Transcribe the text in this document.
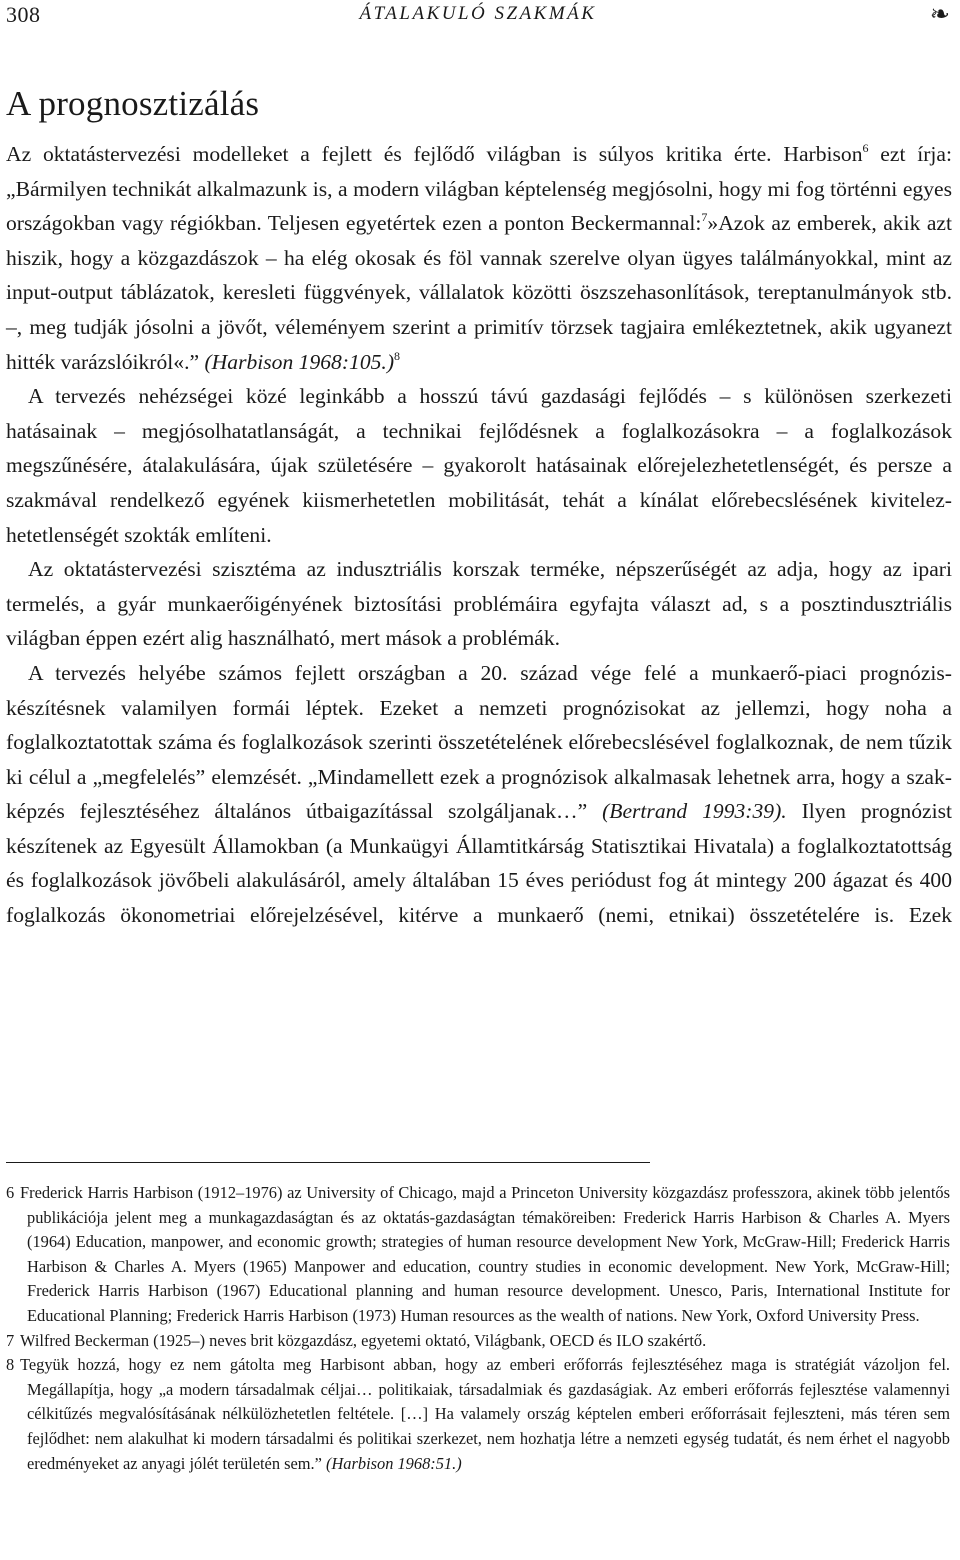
308	ÁTALAKULÓ SZAKMÁK	❧
A prognosztizálás

Az oktatástervezési modelleket a fejlett és fejlődő világban is súlyos kritika érte. Harbison$^6$ ezt írja: „Bármilyen technikát alkalmazunk is, a modern világban képtelenség megjósolni, hogy mi fog történni egyes országokban vagy régiókban. Teljesen egyetértek ezen a ponton Beckermannal:$^7$»Azok az emberek, akik azt hiszik, hogy a közgazdászok – ha elég okosak és föl vannak szerelve olyan ügyes találmányokkal, mint az input-output táblázatok, keresleti függvények, vállalatok közötti öszszehasonlítások, tereptanulmányok stb. –, meg tudják jósolni a jövőt, véleményem szerint a primitív törzsek tagjaira emlékeztetnek, akik ugyanezt hitték varázslóikról«.” (Harbison 1968:105.)$^8$

A tervezés nehézségei közé leginkább a hosszú távú gazdasági fejlődés – s különösen szerkezeti hatásainak – megjósolhatatlanságát, a technikai fejlődésnek a foglalkozásokra – a foglalkozások megszűnésére, átalakulására, újak születésére – gyakorolt hatásainak előrejelezhetetlenségét, és persze a szakmával rendelkező egyének kiismerhetetlen mobilitását, tehát a kínálat előrebecslésének kivitelezhetetlenségét szokták említeni.

Az oktatástervezési szisztéma az indusztriális korszak terméke, népszerűségét az adja, hogy az ipari termelés, a gyár munkaerőigényének biztosítási problémáira egyfajta választ ad, s a posztindusztriális világban éppen ezért alig használható, mert mások a problémák.

A tervezés helyébe számos fejlett országban a 20. század vége felé a munkaerő-piaci prognózis-készítésnek valamilyen formái léptek. Ezeket a nemzeti prognózisokat az jellemzi, hogy noha a foglalkoztatottak száma és foglalkozások szerinti összetételének előrebecslésével foglalkoznak, de nem tűzik ki célul a „megfelelés” elemzését. „Mindamellett ezek a prognózisok alkalmasak lehetnek arra, hogy a szakképzés fejlesztéséhez általános útbaigazítással szolgáljanak…” (Bertrand 1993:39). Ilyen prognózist készítenek az Egyesült Államokban (a Munkaügyi Államtitkárság Statisztikai Hivatala) a foglalkoztatottság és foglalkozások jövőbeli alakulásáról, amely általában 15 éves periódust fog át mintegy 200 ágazat és 400 foglalkozás ökonometriai előrejelzésével, kitérve a munkaerő (nemi, etnikai) összetételére is. Ezek

6 Frederick Harris Harbison (1912–1976) az University of Chicago, majd a Princeton University közgazdász professzora, akinek több jelentős publikációja jelent meg a munkagazdaságtan és az oktatás-gazdaságtan témaköreiben: Frederick Harris Harbison & Charles A. Myers (1964) Education, manpower, and economic growth; strategies of human resource development New York, McGraw-Hill; Frederick Harris Harbison & Charles A. Myers (1965) Manpower and education, country studies in economic development. New York, McGraw-Hill; Frederick Harris Harbison (1967) Educational planning and human resource development. Unesco, Paris, International Institute for Educational Planning; Frederick Harris Harbison (1973) Human resources as the wealth of nations. New York, Oxford University Press.

7 Wilfred Beckerman (1925–) neves brit közgazdász, egyetemi oktató, Világbank, OECD és ILO szakértő.

8 Tegyük hozzá, hogy ez nem gátolta meg Harbisont abban, hogy az emberi erőforrás fejlesztéséhez maga is stratégiát vázoljon fel. Megállapítja, hogy „a modern társadalmak céljai… politikaiak, társadalmiak és gazdaságiak. Az emberi erőforrás fejlesztése valamennyi célkitűzés megvalósításának nélkülözhetetlen feltétele. […] Ha valamely ország képtelen emberi erőforrásait fejleszteni, más téren sem fejlődhet: nem alakulhat ki modern társadalmi és politikai szerkezet, nem hozhatja létre a nemzeti egység tudatát, és nem érhet el nagyobb eredményeket az anyagi jólét területén sem.” (Harbison 1968:51.)
